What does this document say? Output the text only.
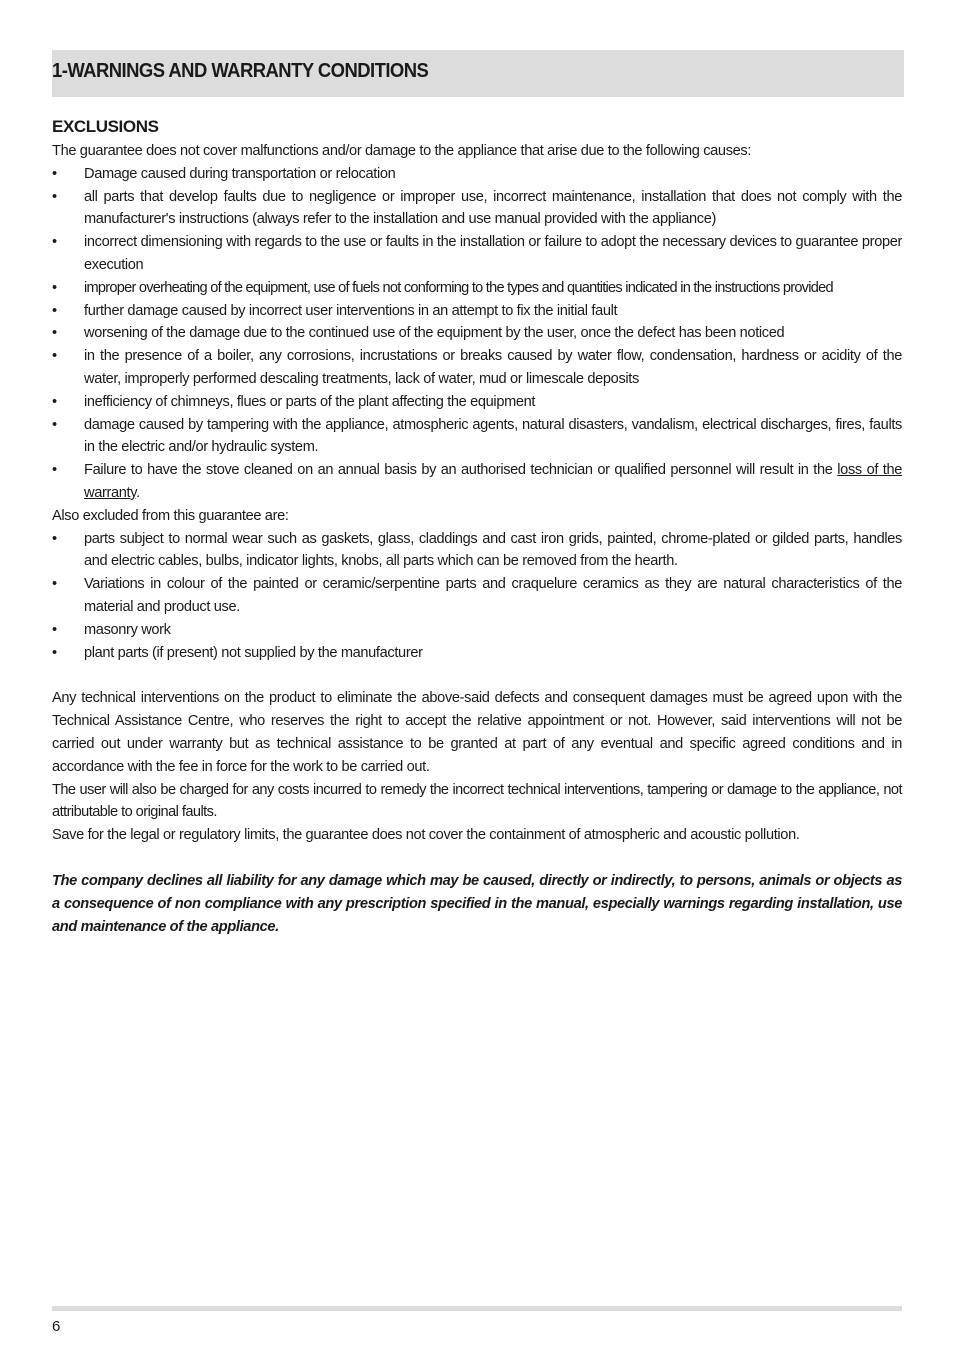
1-WARNINGS AND WARRANTY CONDITIONS

EXCLUSIONS

The guarantee does not cover malfunctions and/or damage to the appliance that arise due to the following causes:

• Damage caused during transportation or relocation
• all parts that develop faults due to negligence or improper use, incorrect maintenance, installation that does not comply with the manufacturer's instructions (always refer to the installation and use manual provided with the appliance)
• incorrect dimensioning with regards to the use or faults in the installation or failure to adopt the necessary devices to guarantee proper execution
• improper overheating of the equipment, use of fuels not conforming to the types and quantities indicated in the instructions provided
• further damage caused by incorrect user interventions in an attempt to fix the initial fault
• worsening of the damage due to the continued use of the equipment by the user, once the defect has been noticed
• in the presence of a boiler, any corrosions, incrustations or breaks caused by water flow, condensation, hardness or acidity of the water, improperly performed descaling treatments, lack of water, mud or limescale deposits
• inefficiency of chimneys, flues or parts of the plant affecting the equipment
• damage caused by tampering with the appliance, atmospheric agents, natural disasters, vandalism, electrical discharges, fires, faults in the electric and/or hydraulic system.
• Failure to have the stove cleaned on an annual basis by an authorised technician or qualified personnel will result in the loss of the warranty.

Also excluded from this guarantee are:

• parts subject to normal wear such as gaskets, glass, claddings and cast iron grids, painted, chrome-plated or gilded parts, handles and electric cables, bulbs, indicator lights, knobs, all parts which can be removed from the hearth.
• Variations in colour of the painted or ceramic/serpentine parts and craquelure ceramics as they are natural characteristics of the material and product use.
• masonry work
• plant parts (if present) not supplied by the manufacturer

Any technical interventions on the product to eliminate the above-said defects and consequent damages must be agreed upon with the Technical Assistance Centre, who reserves the right to accept the relative appointment or not. However, said interventions will not be carried out under warranty but as technical assistance to be granted at part of any eventual and specific agreed conditions and in accordance with the fee in force for the work to be carried out.

The user will also be charged for any costs incurred to remedy the incorrect technical interventions, tampering or damage to the appliance, not attributable to original faults.

Save for the legal or regulatory limits, the guarantee does not cover the containment of atmospheric and acoustic pollution.

The company declines all liability for any damage which may be caused, directly or indirectly, to persons, animals or objects as a consequence of non compliance with any prescription specified in the manual, especially warnings regarding installation, use and maintenance of the appliance.

6
